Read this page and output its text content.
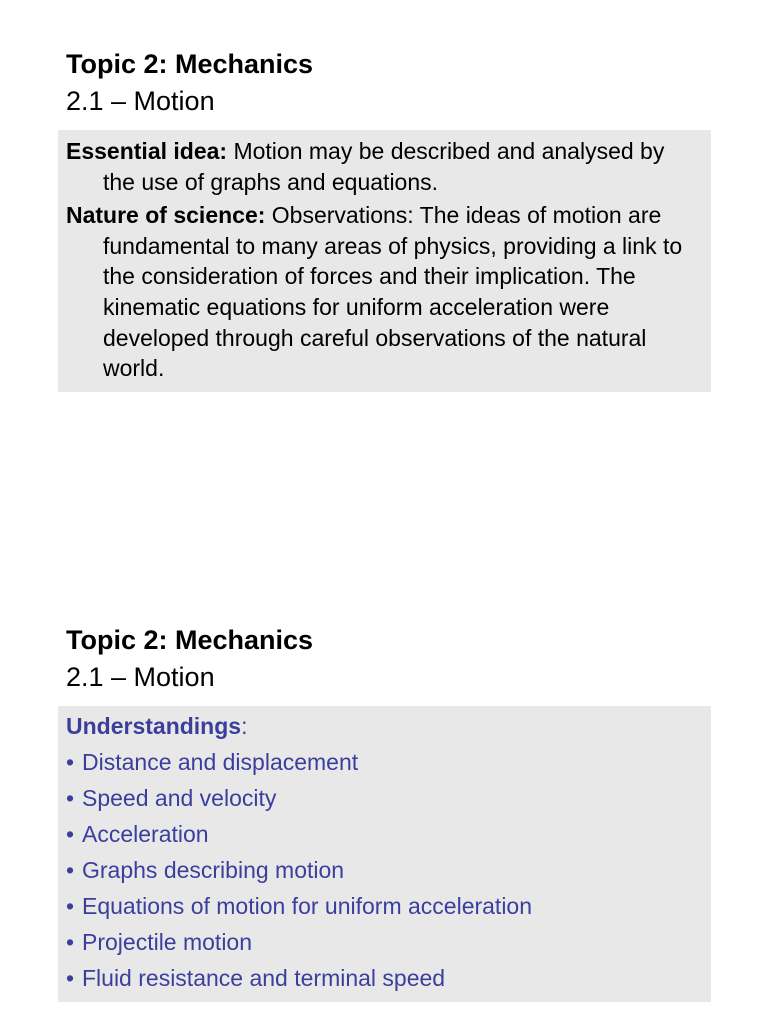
Topic 2: Mechanics
2.1 – Motion

Essential idea: Motion may be described and analysed by the use of graphs and equations.

Nature of science: Observations: The ideas of motion are fundamental to many areas of physics, providing a link to the consideration of forces and their implication. The kinematic equations for uniform acceleration were developed through careful observations of the natural world.

Topic 2: Mechanics
2.1 – Motion
Understandings:
• Distance and displacement
• Speed and velocity
• Acceleration
• Graphs describing motion
• Equations of motion for uniform acceleration
• Projectile motion
• Fluid resistance and terminal speed
